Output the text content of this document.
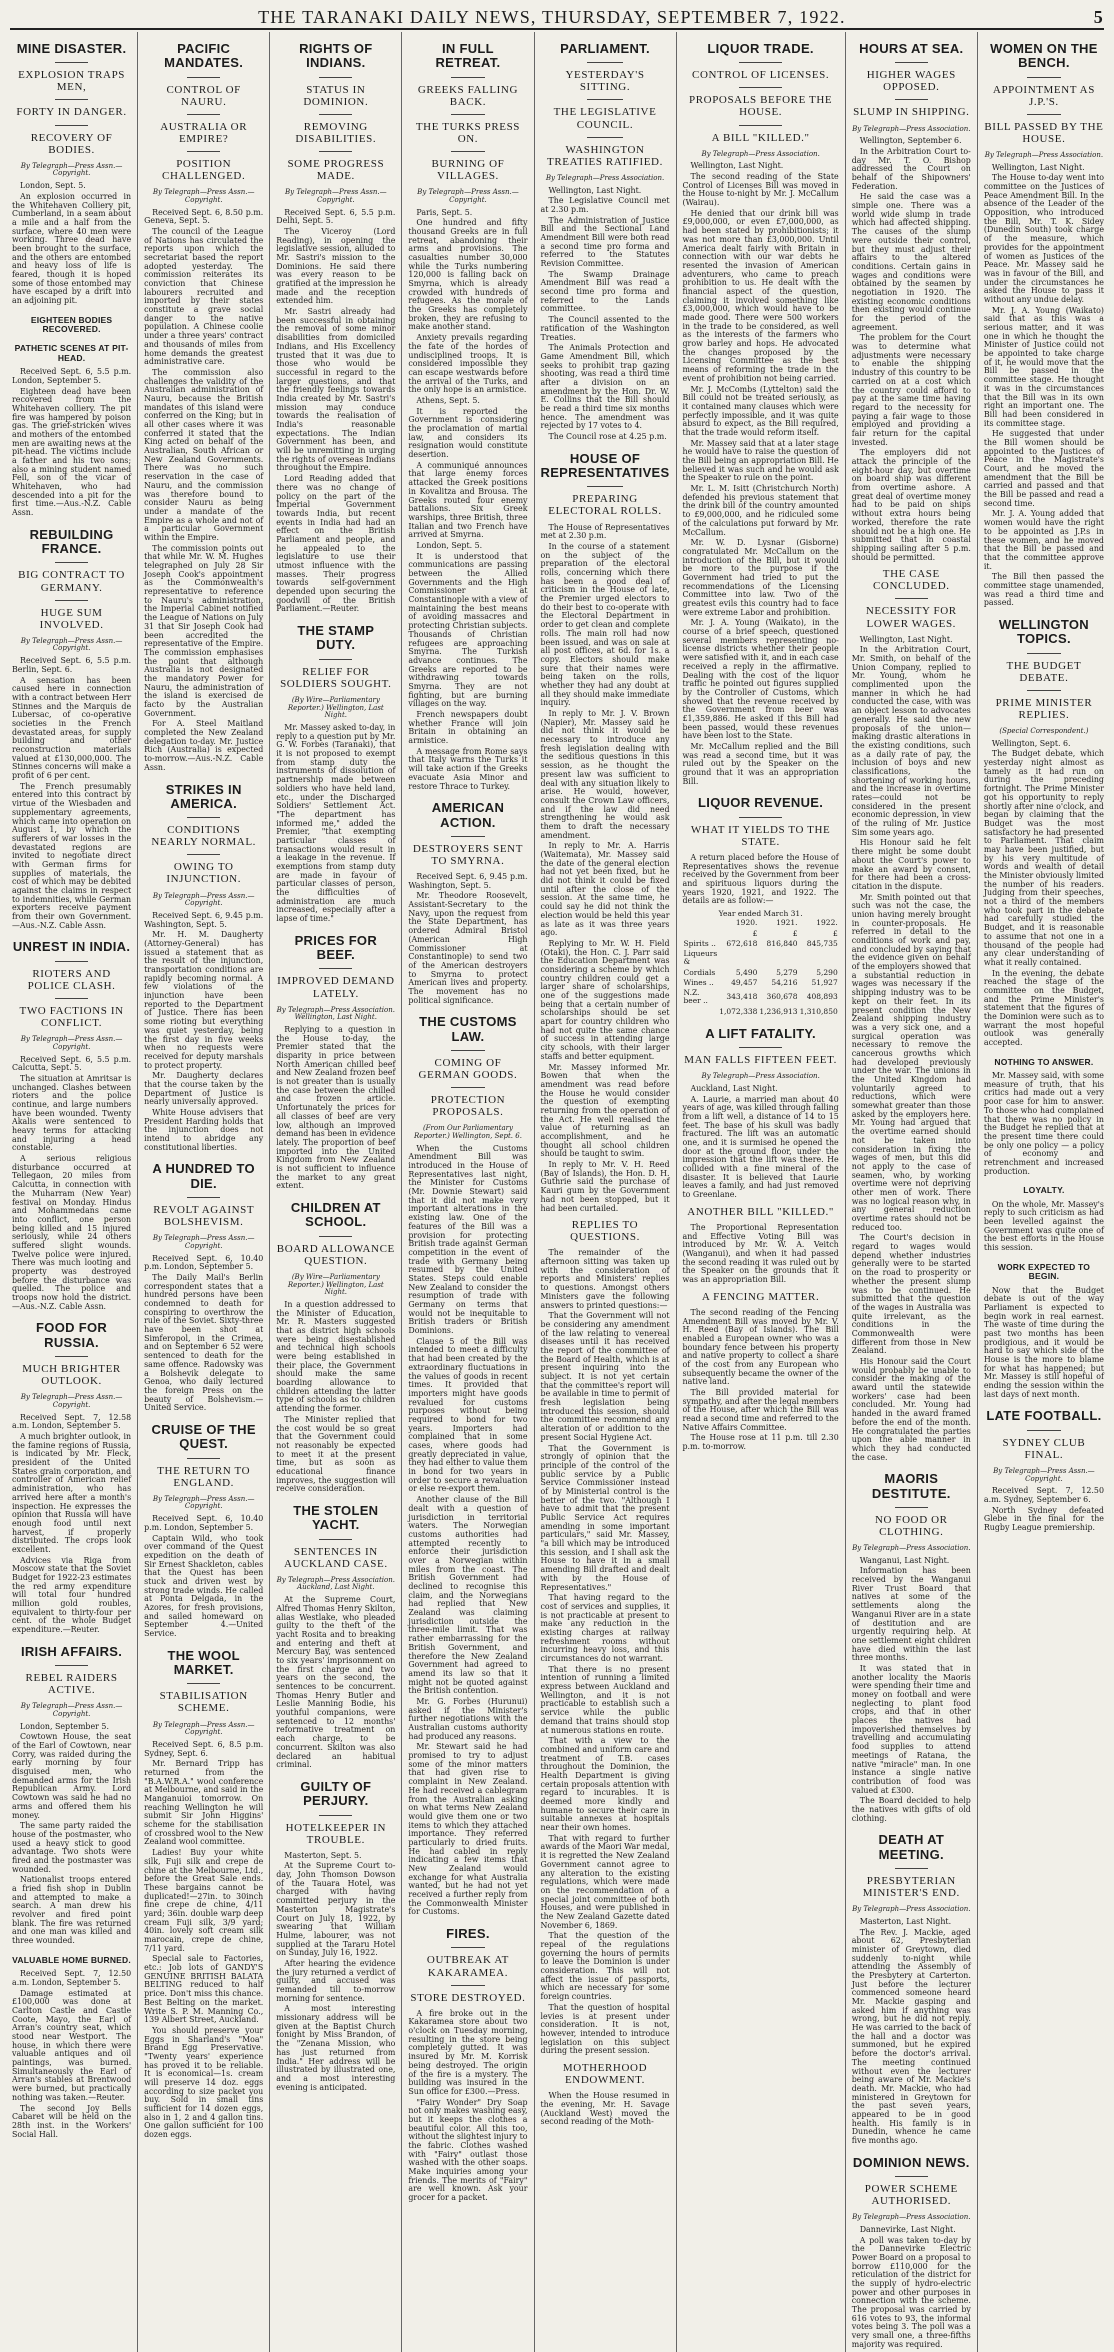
THE TARANAKI DAILY NEWS, THURSDAY, SEPTEMBER 7, 1922.	5
MINE DISASTER.
EXPLOSION TRAPS MEN,
FORTY IN DANGER.
RECOVERY OF BODIES.
By Telegraph—Press Assn.—Copyright.

London, Sept. 5.

An explosion occurred in the Whitehaven Colliery pit, Cumberland, in a seam about a mile and a half from the surface, where 40 men were working. Three dead have been brought to the surface, and the others are entombed and heavy loss of life is feared, though it is hoped some of those entombed may have escaped by a drift into an adjoining pit.

EIGHTEEN BODIES RECOVERED.
PATHETIC SCENES AT PIT-HEAD.

Received Sept. 6, 5.5 p.m. London, September 5.

Eighteen dead have been recovered from the Whitehaven colliery. The pit fire was hampered by poison gas. The grief-stricken wives and mothers of the entombed men are awaiting news at the pit-head. The victims include a father and his two sons; also a mining student named Fell, son of the vicar of Whitehaven, who had descended into a pit for the first time.—Aus.-N.Z. Cable Assn.

REBUILDING FRANCE.
BIG CONTRACT TO GERMANY.
HUGE SUM INVOLVED.
By Telegraph—Press Assn.—Copyright.

Received Sept. 6, 5.5 p.m. Berlin, Sept. 6.

A sensation has been caused here in connection with a contract between Herr Stinnes and the Marquis de Lubersac, of co-operative societies in the French devastated areas, for supply building and other reconstruction materials valued at £130,000,000. The Stinnes concerns will make a profit of 6 per cent.

The French presumably entered into this contract by virtue of the Wiesbaden and supplementary agreements, which came into operation on August 1, by which the sufferers of war losses in the devastated regions are invited to negotiate direct with German firms for supplies of materials, the cost of which may be debited against the claims in respect to indemnities, while German exporters receive payment from their own Government.—Aus.-N.Z. Cable Assn.

UNREST IN INDIA.
RIOTERS AND POLICE CLASH.
TWO FACTIONS IN CONFLICT.
By Telegraph—Press Assn.—Copyright.

Received Sept. 6, 5.5 p.m. Calcutta, Sept. 5.

The situation at Amritsar is unchanged. Clashes between rioters and the police continue, and large numbers have been wounded. Twenty Akalis were sentenced to heavy terms for attacking and injuring a head constable.

A serious religious disturbance occurred at Tellegaon, 20 miles from Calcutta, in connection with the Muharram (New Year) festival on Monday. Hindus and Mohammedans came into conflict, one person being killed and 15 injured seriously, while 24 others suffered slight wounds. Twelve police were injured. There was much looting and property was destroyed before the disturbance was quelled. The police and troops now hold the district.—Aus.-N.Z. Cable Assn.

FOOD FOR RUSSIA.
MUCH BRIGHTER OUTLOOK.
By Telegraph—Press Assn.—Copyright.

Received Sept. 7, 12.58 a.m. London, September 5.

A much brighter outlook, in the famine regions of Russia, is indicated by Mr. Fleck, president of the United States grain corporation, and controller of American relief administration, who has arrived here after a month's inspection. He expresses the opinion that Russia will have enough food until next harvest, if properly distributed. The crops look excellent.

Advices via Riga from Moscow state that the Soviet Budget for 1922-23 estimates the red army expenditure will total four hundred million gold roubles, equivalent to thirty-four per cent. of the whole Budget expenditure.—Reuter.

IRISH AFFAIRS.
REBEL RAIDERS ACTIVE.
By Telegraph—Press Assn.—Copyright.

London, September 5.

Cowtown House, the seat of the Earl of Cowtown, near Corry, was raided during the early morning by four disguised men, who demanded arms for the Irish Republican Army. Lord Cowtown was said he had no arms and offered them his money.

The same party raided the house of the postmaster, who used a heavy stick to good advantage. Two shots were fired and the postmaster was wounded.

Nationalist troops entered a fried fish shop in Dublin and attempted to make a search. A man drew his revolver and fired point blank. The fire was returned and one man was killed and three wounded.

VALUABLE HOME BURNED.

Received Sept. 7, 12.50 a.m. London, September 5.

Damage estimated at £100,000 was done at Carlton Castle and Castle Coote, Mayo, the Earl of Arran's country seat, which stood near Westport. The house, in which there were valuable antiques and oil paintings, was burned. Simultaneously the Earl of Arran's stables at Brentwood were burned, but practically nothing was taken.—Reuter.

The second Joy Bells Cabaret will be held on the 28th inst. in the Workers' Social Hall.

PACIFIC MANDATES.
CONTROL OF NAURU.
AUSTRALIA OR EMPIRE?
POSITION CHALLENGED.
By Telegraph—Press Assn.—Copyright.

Received Sept. 6, 8.50 p.m. Geneva, Sept. 5.

The council of the League of Nations has circulated the reports upon which the secretariat based the report adopted yesterday. The commission reiterates its conviction that Chinese labourers recruited and imported by their states constitute a grave social danger to the native population. A Chinese coolie under a three years' contract and thousands of miles from home demands the greatest administrative care.

The commission also challenges the validity of the Australian administration of Nauru, because the British mandates of this island were conferred on the King; but in all other cases where it was conferred it stated that the King acted on behalf of the Australian, South African or New Zealand Governments. There was no such reservation in the case of Nauru, and the commission was therefore bound to consider Nauru as being under a mandate of the Empire as a whole and not of a particular Government within the Empire.

The commission points out that while Mr. W. M. Hughes telegraphed on July 28 Sir Joseph Cook's appointment as the Commonwealth's representative to reference to Nauru's administration, the Imperial Cabinet notified the League of Nations on July 31 that Sir Joseph Cook had been accredited the representative of the Empire. The commission emphasises the point that although Australia is not designated the mandatory Power for Nauru, the administration of the island is exercised de facto by the Australian Government.

For A. Steel Maitland completed the New Zealand delegation to-day. Mr. Justice Rich (Australia) is expected to-morrow.—Aus.-N.Z. Cable Assn.

STRIKES IN AMERICA.
CONDITIONS NEARLY NORMAL.
OWING TO INJUNCTION.
By Telegraph—Press Assn.—Copyright.

Received Sept. 6, 9.45 p.m. Washington, Sept. 5.

Mr. H. M. Daugherty (Attorney-General) has issued a statement that as the result of the injunction, transportation conditions are rapidly becoming normal. A few violations of the injunction have been reported to the Department of Justice. There has been some rioting but everything was quiet yesterday, being the first day in five weeks when no requests were received for deputy marshals to protect property.

Mr. Daugherty declares that the course taken by the Department of Justice is nearly universally approved.

White House advisers that President Harding holds that the injunction does not intend to abridge any constitutional liberties.

A HUNDRED TO DIE.
REVOLT AGAINST BOLSHEVISM.
By Telegraph—Press Assn.—Copyright.

Received Sept. 6, 10.40 p.m. London, September 5.

The Daily Mail's Berlin correspondent states that a hundred persons have been condemned to death for conspiring to overthrow the rule of the Soviet. Sixty-three have been shot at Simferopol, in the Crimea, and on September 6 52 were sentenced to death for the same offence. Radowsky was a Bolshevik delegate to Genoa, who daily lectured the foreign Press on the beauty of Bolshevism.—United Service.

CRUISE OF THE QUEST.
THE RETURN TO ENGLAND.
By Telegraph—Press Assn.—Copyright.

Received Sept. 6, 10.40 p.m. London, September 5.

Captain Wild, who took over command of the Quest expedition on the death of Sir Ernest Shackleton, cables that the Quest has been stuck and driven west by strong trade winds. He called at Ponta Delgada, in the Azores, for fresh provisions, and sailed homeward on September 4.—United Service.

THE WOOL MARKET.
STABILISATION SCHEME.
By Telegraph—Press Assn.—Copyright.

Received Sept. 6, 8.5 p.m. Sydney, Sept. 6.

Mr. Bernard Tripp has returned from the "B.A.W.R.A." wool conference at Melbourne, and said in the Manganuioi tomorrow. On reaching Wellington he will submit Sir John Higgins' scheme for the stabilisation of crossbred wool to the New Zealand wool committee.

Ladies! Buy your white silk, Fuji silk and crepe de chine at the Melbourne, Ltd., before the Great Sale ends. These bargains cannot be duplicated!—27in. to 30inch fine crepe de chine, 4/11 yard; 36in. double warp deep cream Fuji silk, 3/9 yard; 40in. lovely soft cream silk marocain, crepe de chine, 7/11 yard.

Special sale to Factories, etc.: Job lots of GANDY'S GENUINE BRITISH BALATA BELTING reduced to half price. Don't miss this chance. Best Belting on the market. Write S. P. M. Manning Co., 139 Albert Street, Auckland.

You should preserve your Eggs in Sharland's "Moa" Brand Egg Preservative. "Twenty years' experience has proved it to be reliable. It is economical—1s. cream will preserve 14 doz. eggs according to size packet you buy. Sold in small tins sufficient for 14 dozen eggs, also in 1, 2 and 4 gallon tins. One gallon sufficient for 100 dozen eggs.

RIGHTS OF INDIANS.
STATUS IN DOMINION.
REMOVING DISABILITIES.
SOME PROGRESS MADE.
By Telegraph—Press Assn.—Copyright.

Received Sept. 6, 5.5 p.m. Delhi, Sept. 5.

The Viceroy (Lord Reading), in opening the legislative session, alluded to Mr. Sastri's mission to the Dominions. He said there was every reason to be gratified at the impression he made and the reception extended him.

Mr. Sastri already had been successful in obtaining the removal of some minor disabilities from domiciled Indians, and His Excellency trusted that it was due to those who would be successful in regard to the larger questions, and that the friendly feelings towards India created by Mr. Sastri's mission may conduce towards the realisation of India's reasonable expectations. The Indian Government has been, and will be unremitting in urging the rights of overseas Indians throughout the Empire.

Lord Reading added that there was no change of policy on the part of the Imperial Government towards India, but recent events in India had had an effect on the British Parliament and people, and he appealed to the legislature to use their utmost influence with the masses. Their progress towards self-government depended upon securing the goodwill of the British Parliament.—Reuter.

THE STAMP DUTY.
RELIEF FOR SOLDIERS SOUGHT.
(By Wire—Parliamentary Reporter.) Wellington, Last Night.

Mr. Massey asked to-day, in reply to a question put by Mr. G. W. Forbes (Taranaki), that it is not proposed to exempt from stamp duty the instruments of dissolution of partnership made between soldiers who have held land, etc., under the Discharged Soldiers' Settlement Act. "The department has informed me," added the Premier, "that exempting particular classes of transactions would result in a leakage in the revenue. If exemptions from stamp duty are made in favour of particular classes of person, the difficulties of administration are much increased, especially after a lapse of time."

PRICES FOR BEEF.
IMPROVED DEMAND LATELY.
By Telegraph—Press Association. Wellington, Last Night.

Replying to a question in the House to-day, the Premier stated that the disparity in price between North American chilled beef and New Zealand frozen beef is not greater than is usually the case between the chilled and frozen article. Unfortunately the prices for all classes of beef are very low, although an improved demand has been in evidence lately. The proportion of beef imported into the United Kingdom from New Zealand is not sufficient to influence the market to any great extent.

CHILDREN AT SCHOOL.
BOARD ALLOWANCE QUESTION.
(By Wire—Parliamentary Reporter.) Wellington, Last Night.

In a question addressed to the Minister of Education, Mr. R. Masters suggested that as district high schools were being disestablished and technical high schools were being established in their place, the Government should make the same boarding allowance to children attending the latter type of schools as to children attending the former.

The Minister replied that the cost would be so great that the Government could not reasonably be expected to meet it at the present time, but as soon as educational finance improves, the suggestion will receive consideration.

THE STOLEN YACHT.
SENTENCES IN AUCKLAND CASE.
By Telegraph—Press Association. Auckland, Last Night.

At the Supreme Court, Alfred Thomas Henry Skilton, alias Westlake, who pleaded guilty to the theft of the yacht Rosita and to breaking and entering and theft at Mercury Bay, was sentenced to six years' imprisonment on the first charge and two years on the second, the sentences to be concurrent. Thomas Henry Butler and Leslie Manning Bodie, his youthful companions, were sentenced to 12 months' reformative treatment on each charge, to be concurrent. Skilton was also declared an habitual criminal.

GUILTY OF PERJURY.
HOTELKEEPER IN TROUBLE.

Masterton, Sept. 5.

At the Supreme Court to-day, John Thomson Dowson of the Tauara Hotel, was charged with having committed perjury in the Masterton Magistrate's Court on July 18, 1922, by swearing that William Hulme, labourer, was not supplied at the Tararu Hotel on Sunday, July 16, 1922.

After hearing the evidence the jury returned a verdict of guilty, and accused was remanded till to-morrow morning for sentence.

A most interesting missionary address will be given at the Baptist Church tonight by Miss Brandon, of the "Zenana Mission, who has just returned from India." Her address will be illustrated by illustrated one, and a most interesting evening is anticipated.

IN FULL RETREAT.
GREEKS FALLING BACK.
THE TURKS PRESS ON.
BURNING OF VILLAGES.
By Telegraph—Press Assn.—Copyright.

Paris, Sept. 5.

One hundred and fifty thousand Greeks are in full retreat, abandoning their arms and provisions. The casualties number 30,000 while the Turks numbering 120,000 is falling back on Smyrna, which is already crowded with hundreds of refugees. As the morale of the Greeks has completely broken, they are refusing to make another stand.

Anxiety prevails regarding the fate of the hordes of undisciplined troops. It is considered impossible they can escape westwards before the arrival of the Turks, and the only hope is an armistice.

Athens, Sept. 5.

It is reported the Government is considering the proclamation of martial law, and considers its resignation would constitute desertion.

A communiqué announces that large enemy forces attacked the Greek positions in Kovalitza and Brousa. The Greeks routed four enemy battalions. Six Greek warships, three British, three Italian and two French have arrived at Smyrna.

London, Sept. 5.

It is understood that communications are passing between the Allied Governments and the High Commissioner at Constantinople with a view of maintaining the best means of avoiding massacres and protecting Christian subjects. Thousands of Christian refugees are approaching Smyrna. The Turkish advance continues. The Greeks are reported to be withdrawing towards Smyrna. They are not fighting, but are burning villages on the way.

French newspapers doubt whether France will join Britain in obtaining an armistice.

A message from Rome says that Italy warns the Turks it will take action if the Greeks evacuate Asia Minor and restore Thrace to Turkey.

AMERICAN ACTION.
DESTROYERS SENT TO SMYRNA.

Received Sept. 6, 9.45 p.m. Washington, Sept. 5.

Mr. Theodore Roosevelt, Assistant-Secretary to the Navy, upon the request from the State Department, has ordered Admiral Bristol (American High Commissioner at Constantinople) to send two of the American destroyers to Smyrna to protect American lives and property. The movement has no political significance.

THE CUSTOMS LAW.
COMING OF GERMAN GOODS.
PROTECTION PROPOSALS.
(From Our Parliamentary Reporter.) Wellington, Sept. 6.

When the Customs Amendment Bill was introduced in the House of Representatives last night, the Minister for Customs (Mr. Downie Stewart) said that it did not make very important alterations in the existing law. One of the features of the Bill was a provision for protecting British trade against German competition in the event of trade with Germany being resumed by the United States. Steps could enable New Zealand to consider the resumption of trade with Germany on terms that would not be inequitable to British traders or British Dominions.

Clause 5 of the Bill was intended to meet a difficulty that had been created by the extraordinary fluctuations in the values of goods in recent times. It provided that importers might have goods revalued for customs purposes without being required to bond for two years. Importers had complained that in some cases, where goods had greatly depreciated in value, they had either to value them in bond for two years in order to secure a revaluation or else re-export them.

Another clause of the Bill dealt with a question of jurisdiction in territorial waters. The Norwegian customs authorities had attempted recently to enforce their jurisdiction over a Norwegian within miles from the coast. The British Government had declined to recognise this claim, and the Norwegians had replied that New Zealand was claiming jurisdiction outside the three-mile limit. That was rather embarrassing for the British Government, and therefore the New Zealand Government had agreed to amend its law so that it might not be quoted against the British contention.

Mr. G. Forbes (Hurunui) asked if the Minister's further negotiations with the Australian customs authority had produced any reasons.

Mr. Stewart said he had promised to try to adjust some of the minor matters that had given rise to complaint in New Zealand. He had received a cablegram from the Australian asking on what terms New Zealand would give them one or two items to which they attached importance. They referred particularly to dried fruits. He had cabled in reply indicating a few items that New Zealand would exchange for what Australia wanted, but he had not yet received a further reply from the Commonwealth Minister for Customs.

FIRES.
OUTBREAK AT KAKARAMEA.
STORE DESTROYED.

A fire broke out in the Kakaramea store about two o'clock on Tuesday morning, resulting in the store being completely gutted. It was insured by Mr. M. Korrisk being destroyed. The origin of the fire is a mystery. The building was insured in the Sun office for £300.—Press.

"Fairy Wonder" Dry Soap not only makes washing easy, but it keeps the clothes a beautiful color. All this too, without the slightest injury to the fabric. Clothes washed with "Fairy" outlast those washed with the other soaps. Make inquiries among your friends. The merits of "Fairy" are well known. Ask your grocer for a packet.

PARLIAMENT.
YESTERDAY'S SITTING.
THE LEGISLATIVE COUNCIL.
WASHINGTON TREATIES RATIFIED.
By Telegraph—Press Association.

Wellington, Last Night.

The Legislative Council met at 2.30 p.m.

The Administration of Justice Bill and the Sectional Land Amendment Bill were both read a second time pro forma and referred to the Statutes Revision Committee.

The Swamp Drainage Amendment Bill was read a second time pro forma and referred to the Lands committee.

The Council assented to the ratification of the Washington Treaties.

The Animals Protection and Game Amendment Bill, which seeks to prohibit trap gazing shooting, was read a third time after a division on an amendment by the Hon. Dr. W. E. Collins that the Bill should be read a third time six months hence. The amendment was rejected by 17 votes to 4.

The Council rose at 4.25 p.m.

HOUSE OF REPRESENTATIVES
PREPARING ELECTORAL ROLLS.

The House of Representatives met at 2.30 p.m.

In the course of a statement on the subject of the preparation of the electoral rolls, concerning which there has been a good deal of criticism in the House of late, the Premier urged electors to do their best to co-operate with the Electoral Department in order to get clean and complete rolls. The main roll had now been issued, and was on sale at all post offices, at 6d. for 1s. a copy. Electors should make sure that their names were being taken on the rolls, whether they had any doubt at all they should make immediate inquiry.

In reply to Mr. J. V. Brown (Napier), Mr. Massey said he did not think it would be necessary to introduce any fresh legislation dealing with the seditious questions in this session, as he thought the present law was sufficient to deal with any situation likely to arise. He would, however, consult the Crown Law officers, and if the law did need strengthening he would ask them to draft the necessary amendment.

In reply to Mr. A. Harris (Waitemata), Mr. Massey said the date of the general election had not yet been fixed, but he did not think it could be fixed until after the close of the session. At the same time, he could say he did not think the election would be held this year as late as it was three years ago.

Replying to Mr. W. H. Field (Otaki), the Hon. C. J. Parr said the Education Department was considering a scheme by which country children could get a larger share of scholarships, one of the suggestions made being that a certain number of scholarships should be set apart for country children who had not quite the same chance of success in attending large city schools, with their larger staffs and better equipment.

Mr. Massey informed Mr. Bowen that when the amendment was read before the House he would consider the question of exempting returning from the operation of the Act. He well realised the value of returning as an accomplishment, and he thought all school children should be taught to swim.

In reply to Mr. V. H. Reed (Bay of Islands), the Hon. D. H. Guthrie said the purchase of Kauri gum by the Government had not been stopped, but it had been curtailed.

REPLIES TO QUESTIONS.

The remainder of the afternoon sitting was taken up with the consideration of reports and Ministers' replies to questions. Amongst others Ministers gave the following answers to printed questions:—

That the Government will not be considering any amendment of the law relating to venereal diseases until it has received the report of the committee of the Board of Health, which is at present inquiring into the subject. It is not yet certain that the committee's report will be available in time to permit of fresh legislation being introduced this session, should the committee recommend any alteration of or addition to the present Social Hygiene Act.

That the Government is strongly of opinion that the principle of the control of the public service by a Public Service Commissioner instead of by Ministerial control is the better of the two. "Although I have to admit that the present Public Service Act requires amending in some important particulars," said Mr. Massey, "a bill which may be introduced this session, and I shall ask the House to have it in a small amending Bill drafted and dealt with by the House of Representatives."

That having regard to the cost of services and supplies, it is not practicable at present to make any reduction in the existing charges at railway refreshment rooms without incurring heavy loss, and this circumstances do not warrant.

That there is no present intention of running a limited express between Auckland and Wellington, and it is not practicable to establish such a service while the public demand that trains should stop at numerous stations en route.

That with a view to the combined and uniform care and treatment of T.B. cases throughout the Dominion, the Health Department is giving certain proposals attention with regard to incurables. It is deemed more kindly and humane to secure their care in suitable annexes at hospitals near their own homes.

That with regard to further awards of the Maori War medal, it is regretted the New Zealand Government cannot agree to any alteration to the existing regulations, which were made on the recommendation of a special joint committee of both Houses, and were published in the New Zealand Gazette dated November 6, 1869.

That the question of the repeal of the regulations governing the hours of permits to leave the Dominion is under consideration. This will not affect the issue of passports, which are necessary for some foreign countries.

That the question of hospital levies is at present under consideration. It is not, however, intended to introduce legislation on this subject during the present session.

MOTHERHOOD ENDOWMENT.

When the House resumed in the evening, Mr. H. Savage (Auckland West) moved the second reading of the Moth-

LIQUOR TRADE.
CONTROL OF LICENSES.
PROPOSALS BEFORE THE HOUSE.
A BILL "KILLED."
By Telegraph—Press Association.

Wellington, Last Night.

The second reading of the State Control of Licenses Bill was moved in the House to-night by Mr. J. McCallum (Wairau).

He denied that our drink bill was £9,000,000, or even £7,000,000, as had been stated by prohibitionists; it was not more than £3,000,000. Until America dealt fairly with Britain in connection with our war debts he resented the invasion of American adventurers, who came to preach prohibition to us. He dealt with the financial aspect of the question, claiming it involved something like £3,000,000, which would have to be made good. There were 500 workers in the trade to be considered, as well as the interests of the farmers who grow barley and hops. He advocated the changes proposed by the Licensing Committee as the best means of reforming the trade in the event of prohibition not being carried.

Mr. J. McCombs (Lyttelton) said the Bill could not be treated seriously, as it contained many clauses which were perfectly impossible, and it was quite absurd to expect, as the Bill required, that the trade would reform itself.

Mr. Massey said that at a later stage he would have to raise the question of the Bill being an appropriation Bill. He believed it was such and he would ask the Speaker to rule on the point.

Mr. L. M. Isitt (Christchurch North) defended his previous statement that the drink bill of the country amounted to £9,000,000, and he ridiculed some of the calculations put forward by Mr. McCallum.

Mr. W. D. Lysnar (Gisborne) congratulated Mr. McCallum on the introduction of the Bill, but it would be more to the purpose if the Government had tried to put the recommendations of the Licensing Committee into law. Two of the greatest evils this country had to face were extreme Labor and prohibition.

Mr. J. A. Young (Waikato), in the course of a brief speech, questioned several members representing no-license districts whether their people were satisfied with it, and in each case received a reply in the affirmative. Dealing with the cost of the liquor traffic he pointed out figures supplied by the Controller of Customs, which showed that the revenue received by the Government from beer was £1,359,886. He asked if this Bill had been passed, would these revenues have been lost to the State.

Mr. McCallum replied and the Bill was read a second time, but it was ruled out by the Speaker on the ground that it was an appropriation Bill.

LIQUOR REVENUE.
WHAT IT YIELDS TO THE STATE.

A return placed before the House of Representatives shows the revenue received by the Government from beer and spirituous liquors during the years 1920, 1921, and 1922. The details are as follow:—

Year ended March 31.
	1920.	1921.	1922.
	£	£	£
Spirits ..	672,618	816,840	845,735
Liqueurs &			
Cordials	5,490	5,279	5,290
Wines ..	49,457	54,216	51,927
N.Z. beer ..	343,418	360,678	408,893
	1,072,338	1,236,913	1,310,850
A LIFT FATALITY.
MAN FALLS FIFTEEN FEET.
By Telegraph—Press Association.

Auckland, Last Night.

A. Laurie, a married man about 40 years of age, was killed through falling from a lift well, a distance of 14 to 15 feet. The base of his skull was badly fractured. The lift was an automatic one, and it is surmised he opened the door at the ground floor, under the impression that the lift was there. He collided with a fine mineral of the disaster. It is believed that Laurie leaves a family, and had just removed to Greenlane.

ANOTHER BILL "KILLED."

The Proportional Representation and Effective Voting Bill was introduced by Mr. W. A. Veitch (Wanganui), and when it had passed the second reading it was ruled out by the Speaker on the grounds that it was an appropriation Bill.

A FENCING MATTER.

The second reading of the Fencing Amendment Bill was moved by Mr. V. H. Reed (Bay of Islands). The Bill enabled a European owner who was a boundary fence between his property and native property to collect a share of the cost from any European who subsequently became the owner of the native land.

The Bill provided material for sympathy, and after the legal members of the House, after which the Bill was read a second time and referred to the Native Affairs Committee.

The House rose at 11 p.m. till 2.30 p.m. to-morrow.

HOURS AT SEA.
HIGHER WAGES OPPOSED.
SLUMP IN SHIPPING.
By Telegraph—Press Association.

Wellington, September 6.

In the Arbitration Court to-day Mr. T. O. Bishop addressed the Court on behalf of the Shipowners' Federation.

He said the case was a simple one. There was a world wide slump in trade which had affected shipping. The causes of the slump were outside their control, but they must adjust their affairs to the altered conditions. Certain gains in wages and conditions were obtained by the seamen by negotiation in 1920. The existing economic conditions then existing would continue for the period of the agreement.

The problem for the Court was to determine what adjustments were necessary to enable the shipping industry of this country to be carried on at a cost which the country could afford to pay at the same time having regard to the necessity for paying a fair wage to those employed and providing a fair return for the capital invested.

The employers did not attack the principle of the eight-hour day, but overtime on board ship was different from overtime ashore. A great deal of overtime money had to be paid on ships without extra hours being worked, therefore the rate should not be a high one. He submitted that in coastal shipping sailing after 5 p.m. should be permitted.

THE CASE CONCLUDED.
NECESSITY FOR LOWER WAGES.

Wellington, Last Night.

In the Arbitration Court, Mr. Smith, on behalf of the Union Company, replied to Mr. Young, whom he complimented upon the manner in which he had conducted the case, with was an object lesson to advocates generally. He said the new proposals of the union—making drastic alterations in the existing conditions, such as a daily rate of pay, the inclusion of boys and new classifications, the shortening of working hours, and the increase in overtime rates—could not be considered in the present economic depression, in view of the ruling of Mr. Justice Sim some years ago.

His Honour said he felt there might be some doubt about the Court's power to make an award by consent, for there had been a cross-citation in the dispute.

Mr. Smith pointed out that such was not the case, the union having merely brought in counter-proposals. He referred in detail to the conditions of work and pay, and concluded by saying that the evidence given on behalf of the employers showed that a substantial reduction in wages was necessary if the shipping industry was to be kept on their feet. In its present condition the New Zealand shipping industry was a very sick one, and a surgical operation was necessary to remove the cancerous growths which had developed previously under the war. The unions in the United Kingdom had voluntarily agreed to reductions, which were somewhat greater than those asked by the employers here. Mr. Young had argued that the overtime earned should not be taken into consideration in fixing the wages of men, but this did not apply to the case of seamen, who, by working overtime were not depriving other men of work. There was no logical reason why, in any general reduction overtime rates should not be reduced too.

The Court's decision in regard to wages would depend whether industries generally were to be started on the road to prosperity or whether the present slump was to be continued. He submitted that the question of the wages in Australia was quite irrelevant, as the conditions in the Commonwealth were different from those in New Zealand.

His Honour said the Court would probably be unable to consider the making of the award until the statewide workers' case had been concluded. Mr. Young had handed in the award framed before the end of the month. He congratulated the parties upon the able manner in which they had conducted the case.

MAORIS DESTITUTE.
NO FOOD OR CLOTHING.
By Telegraph—Press Association.

Wanganui, Last Night.

Information has been received by the Wanganui River Trust Board that natives at some of the settlements along the Wanganui River are in a state of destitution and are urgently requiring help. At one settlement eight children have died within the last three months.

It was stated that in another locality the Maoris were spending their time and money on football and were neglecting to plant food crops, and that in other places the natives had impoverished themselves by travelling and accumulating food supplies to attend meetings of Ratana, the native "miracle" man. In one instance a single native contribution of food was valued at £300.

The Board decided to help the natives with gifts of old clothing.

DEATH AT MEETING.
PRESBYTERIAN MINISTER'S END.
By Telegraph—Press Association.

Masterton, Last Night.

The Rev. J. Mackie, aged about 62, Presbyterian minister of Greytown, died suddenly to-night while attending the Assembly of the Presbytery at Carterton. Just before the lecturer commenced someone heard Mr. Mackie gasping and asked him if anything was wrong, but he did not reply. He was carried to the back of the hall and a doctor was summoned, but he expired before the doctor's arrival. The meeting continued without even the lecturer being aware of Mr. Mackie's death. Mr. Mackie, who had ministered in Greytown for the past seven years, appeared to be in good health. His family is in Dunedin, whence he came five months ago.

DOMINION NEWS.
POWER SCHEME AUTHORISED.
By Telegraph—Press Association.

Dannevirke, Last Night.

A poll was taken to-day by the Dannevirke Electric Power Board on a proposal to borrow £110,000 for the reticulation of the district for the supply of hydro-electric power and other purposes in connection with the scheme. The proposal was carried by 616 votes to 93, the informal votes being 3. The poll was a very small one, a three-fifths majority was required.

WOMEN ON THE BENCH.
APPOINTMENT AS J.P.'S.
BILL PASSED BY THE HOUSE.
By Telegraph—Press Association.

Wellington, Last Night.

The House to-day went into committee on the Justices of Peace Amendment Bill. In the absence of the Leader of the Opposition, who introduced the Bill, Mr. T. K. Sidey (Dunedin South) took charge of the measure, which provides for the appointment of women as Justices of the Peace. Mr. Massey said he was in favour of the Bill, and under the circumstances he asked the House to pass it without any undue delay.

Mr. J. A. Young (Waikato) said that as this was a serious matter, and it was one in which he thought the Minister of Justice could not be appointed to take charge of it, he would move that the Bill be passed in the committee stage. He thought it was in the circumstances that the Bill was in its own right an important one. The Bill had been considered in its committee stage.

He suggested that under the Bill women should be appointed to the Justices of Peace in the Magistrate's Court, and he moved the amendment that the Bill be carried and passed and that the Bill be passed and read a second time.

Mr. J. A. Young added that women would have the right to be appointed as J.P.s in these women, and he moved that the Bill be passed and that the committee approve it.

The Bill then passed the committee stage unamended, was read a third time and passed.

WELLINGTON TOPICS.
THE BUDGET DEBATE.
PRIME MINISTER REPLIES.
(Special Correspondent.)

Wellington, Sept. 6.

The Budget debate, which yesterday night almost as tamely as it had run on during the preceding fortnight. The Prime Minister got his opportunity to reply shortly after nine o'clock, and began by claiming that the Budget was the most satisfactory he had presented to Parliament. That claim may have been justified, but by his very multitude of words and wealth of detail the Minister obviously limited the number of his readers. Judging from their speeches, not a third of the members who took part in the debate had carefully studied the Budget, and it is reasonable to assume that not one in a thousand of the people had any clear understanding of what it really contained.

In the evening, the debate reached the stage of the committee on the Budget, and the Prime Minister's statement that the figures of the Dominion were such as to warrant the most hopeful outlook was generally accepted.

NOTHING TO ANSWER.

Mr. Massey said, with some measure of truth, that his critics had made out a very poor case for him to answer. To those who had complained that there was no policy in the Budget he replied that at the present time there could be only one policy — a policy of economy and retrenchment and increased production.

LOYALTY.

On the whole, Mr. Massey's reply to such criticism as had been levelled against the Government was quite one of the best efforts in the House this session.

WORK EXPECTED TO BEGIN.

Now that the Budget debate is out of the way Parliament is expected to begin work in real earnest. The waste of time during the past two months has been prodigious, and it would be hard to say which side of the House is the more to blame for what has happened; but Mr. Massey is still hopeful of ending the session within the last days of next month.

LATE FOOTBALL.
SYDNEY CLUB FINAL.
By Telegraph—Press Assn.—Copyright.

Received Sept. 7, 12.50 a.m. Sydney, September 6.

North Sydney defeated Glebe in the final for the Rugby League premiership.
